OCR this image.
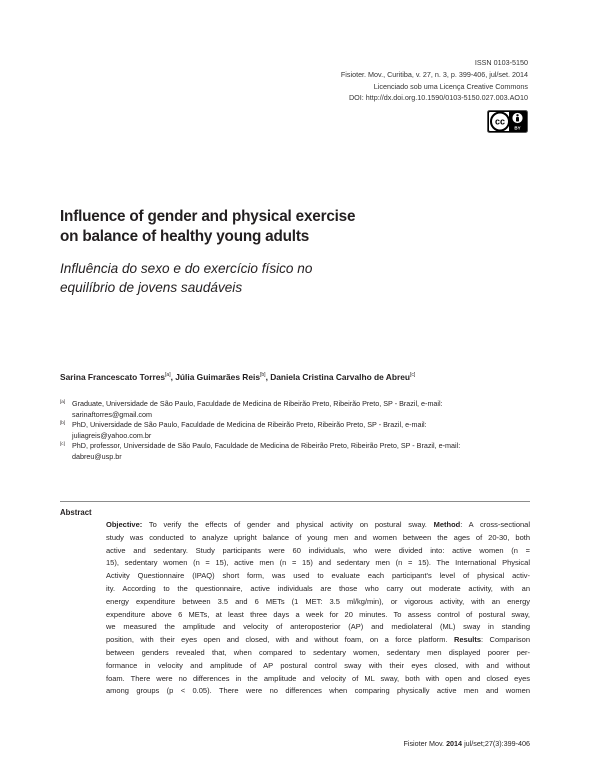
ISSN 0103-5150
Fisioter. Mov., Curitiba, v. 27, n. 3, p. 399-406, jul/set. 2014
Licenciado sob uma Licença Creative Commons
DOI: http://dx.doi.org.10.1590/0103-5150.027.003.AO10
cc
BY
Influence of gender and physical exercise
on balance of healthy young adults
Influência do sexo e do exercício físico no
equilíbrio de jovens saudáveis
Sarina Francescato Torres[a], Júlia Guimarães Reis[b], Daniela Cristina Carvalho de Abreu[c]
[a] Graduate, Universidade de São Paulo, Faculdade de Medicina de Ribeirão Preto, Ribeirão Preto, SP - Brazil, e-mail:
sarinaftorres@gmail.com
[b] PhD, Universidade de São Paulo, Faculdade de Medicina de Ribeirão Preto, Ribeirão Preto, SP - Brazil, e-mail:
juliagreis@yahoo.com.br
[c] PhD, professor, Universidade de São Paulo, Faculdade de Medicina de Ribeirão Preto, Ribeirão Preto, SP - Brazil, e-mail:
dabreu@usp.br
Abstract
Objective: To verify the effects of gender and physical activity on postural sway. Method: A cross-sectional
study was conducted to analyze upright balance of young men and women between the ages of 20-30, both
active and sedentary. Study participants were 60 individuals, who were divided into: active women (n =
15), sedentary women (n = 15), active men (n = 15) and sedentary men (n = 15). The International Physical
Activity Questionnaire (IPAQ) short form, was used to evaluate each participant's level of physical activ-
ity. According to the questionnaire, active individuals are those who carry out moderate activity, with an
energy expenditure between 3.5 and 6 METs (1 MET: 3.5 ml/kg/min), or vigorous activity, with an energy
expenditure above 6 METs, at least three days a week for 20 minutes. To assess control of postural sway,
we measured the amplitude and velocity of anteroposterior (AP) and mediolateral (ML) sway in standing
position, with their eyes open and closed, with and without foam, on a force platform. Results: Comparison
between genders revealed that, when compared to sedentary women, sedentary men displayed poorer per-
formance in velocity and amplitude of AP postural control sway with their eyes closed, with and without
foam. There were no differences in the amplitude and velocity of ML sway, both with open and closed eyes
among groups (p < 0.05). There were no differences when comparing physically active men and women
Fisioter Mov. 2014 jul/set;27(3):399-406
